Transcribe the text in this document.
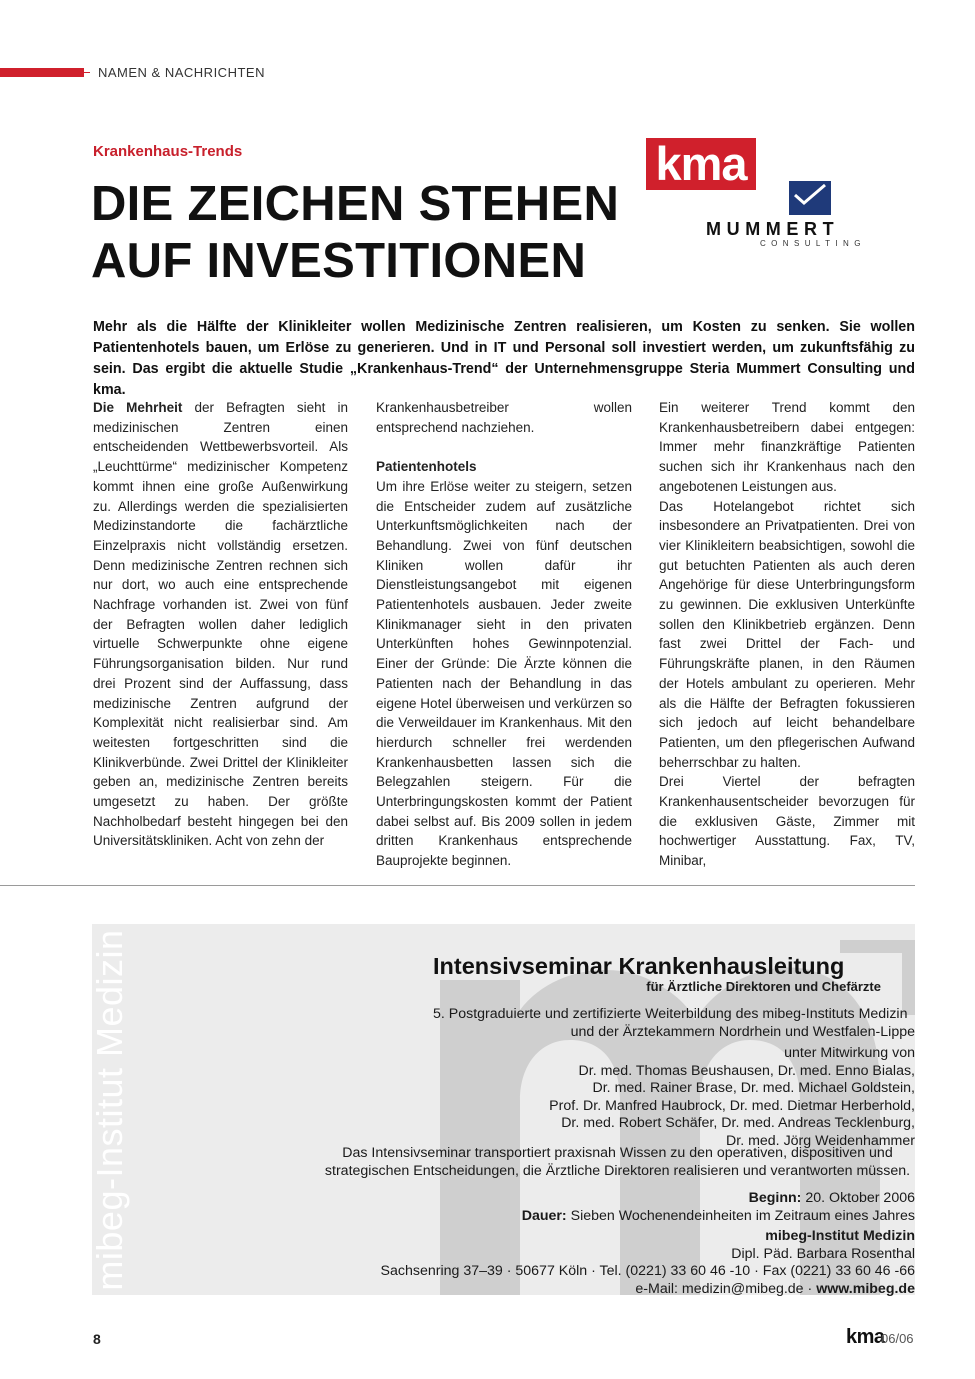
NAMEN & NACHRICHTEN
Krankenhaus-Trends
DIE ZEICHEN STEHEN
AUF INVESTITIONEN
kma
MUMMERT
CONSULTING
Mehr als die Hälfte der Klinikleiter wollen Medizinische Zentren realisieren, um Kosten zu senken. Sie wollen Patientenhotels bauen, um Erlöse zu generieren. Und in IT und Personal soll investiert werden, um zukunftsfähig zu sein. Das ergibt die aktuelle Studie „Krankenhaus-Trend“ der Unternehmensgruppe Steria Mummert Consulting und kma.

Die Mehrheit der Befragten sieht in medizinischen Zentren einen entscheidenden Wettbewerbsvorteil. Als „Leuchttürme“ medizinischer Kompetenz kommt ihnen eine große Außenwirkung zu. Allerdings werden die spezialisierten Medizinstandorte die fachärztliche Einzelpraxis nicht vollständig ersetzen. Denn medizinische Zentren rechnen sich nur dort, wo auch eine entsprechende Nachfrage vorhanden ist. Zwei von fünf der Befragten wollen daher lediglich virtuelle Schwerpunkte ohne eigene Führungsorganisation bilden. Nur rund drei Prozent sind der Auffassung, dass medizinische Zentren aufgrund der Komplexität nicht realisierbar sind. Am weitesten fortgeschritten sind die Klinikverbünde. Zwei Drittel der Klinikleiter geben an, medizinische Zentren bereits umgesetzt zu haben. Der größte Nachholbedarf besteht hingegen bei den Universitätskliniken. Acht von zehn der

Krankenhausbetreiber wollen entsprechend nachziehen.

Patientenhotels

Um ihre Erlöse weiter zu steigern, setzen die Entscheider zudem auf zusätzliche Unterkunftsmöglichkeiten nach der Behandlung. Zwei von fünf deutschen Kliniken wollen dafür ihr Dienstleistungsangebot mit eigenen Patientenhotels ausbauen. Jeder zweite Klinikmanager sieht in den privaten Unterkünften hohes Gewinnpotenzial. Einer der Gründe: Die Ärzte können die Patienten nach der Behandlung in das eigene Hotel überweisen und verkürzen so die Verweildauer im Krankenhaus. Mit den hierdurch schneller frei werdenden Krankenhausbetten lassen sich die Belegzahlen steigern. Für die Unterbringungskosten kommt der Patient dabei selbst auf. Bis 2009 sollen in jedem dritten Krankenhaus entsprechende Bauprojekte beginnen.

Ein weiterer Trend kommt den Krankenhausbetreibern dabei entgegen: Immer mehr finanzkräftige Patienten suchen sich ihr Krankenhaus nach den angebotenen Leistungen aus.

Das Hotelangebot richtet sich insbesondere an Privatpatienten. Drei von vier Klinikleitern beabsichtigen, sowohl die gut betuchten Patienten als auch deren Angehörige für diese Unterbringungsform zu gewinnen. Die exklusiven Unterkünfte sollen den Klinikbetrieb ergänzen. Denn fast zwei Drittel der Fach- und Führungskräfte planen, in den Räumen der Hotels ambulant zu operieren. Mehr als die Hälfte der Befragten fokussieren sich jedoch auf leicht behandelbare Patienten, um den pflegerischen Aufwand beherrschbar zu halten.

Drei Viertel der befragten Krankenhausentscheider bevorzugen für die exklusiven Gäste, Zimmer mit hochwertiger Ausstattung. Fax, TV, Minibar,

mibeg-Institut Medizin	Intensivseminar Krankenhausleitung
für Ärztliche Direktoren und Chefärzte
5. Postgraduierte und zertifizierte Weiterbildung des mibeg-Instituts Medizin
und der Ärztekammern Nordrhein und Westfalen-Lippe
unter Mitwirkung von
Dr. med. Thomas Beushausen, Dr. med. Enno Bialas,
Dr. med. Rainer Brase, Dr. med. Michael Goldstein,
Prof. Dr. Manfred Haubrock, Dr. med. Dietmar Herberhold,
Dr. med. Robert Schäfer, Dr. med. Andreas Tecklenburg,
Dr. med. Jörg Weidenhammer
Das Intensivseminar transportiert praxisnah Wissen zu den operativen, dispositiven und
strategischen Entscheidungen, die Ärztliche Direktoren realisieren und verantworten müssen.
Beginn: 20. Oktober 2006
Dauer: Sieben Wochenendeinheiten im Zeitraum eines Jahres
mibeg-Institut Medizin
Dipl. Päd. Barbara Rosenthal
Sachsenring 37–39 · 50677 Köln · Tel. (0221) 33 60 46 -10 · Fax (0221) 33 60 46 -66
e-Mail: medizin@mibeg.de · www.mibeg.de
8	kma
06/06
